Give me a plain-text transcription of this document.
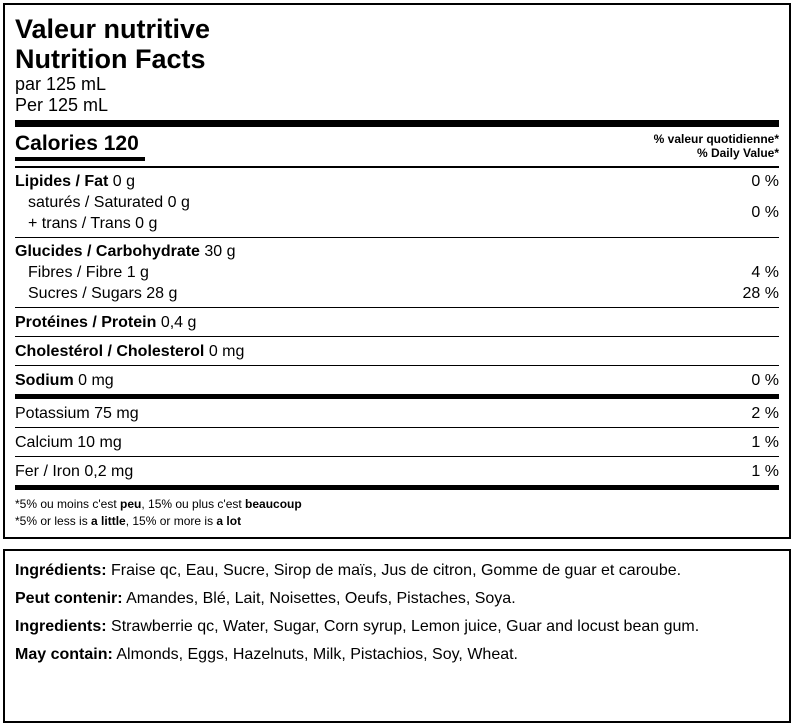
Valeur nutritive
Nutrition Facts
par 125 mL
Per 125 mL
Calories 120	% valeur quotidienne*
% Daily Value*
Lipides / Fat 0 g	0 %
saturés / Saturated 0 g
+ trans / Trans 0 g
0 %
Glucides / Carbohydrate 30 g
Fibres / Fibre 1 g	4 %
Sucres / Sugars 28 g	28 %
Protéines / Protein 0,4 g
Cholestérol / Cholesterol 0 mg
Sodium 0 mg	0 %
Potassium 75 mg	2 %
Calcium 10 mg	1 %
Fer / Iron 0,2 mg	1 %
*5% ou moins c'est peu, 15% ou plus c'est beaucoup
*5% or less is a little, 15% or more is a lot
Ingrédients: Fraise qc, Eau, Sucre, Sirop de maïs, Jus de citron, Gomme de guar et caroube.
Peut contenir: Amandes, Blé, Lait, Noisettes, Oeufs, Pistaches, Soya.
Ingredients: Strawberrie qc, Water, Sugar, Corn syrup, Lemon juice, Guar and locust bean gum.
May contain: Almonds, Eggs, Hazelnuts, Milk, Pistachios, Soy, Wheat.
